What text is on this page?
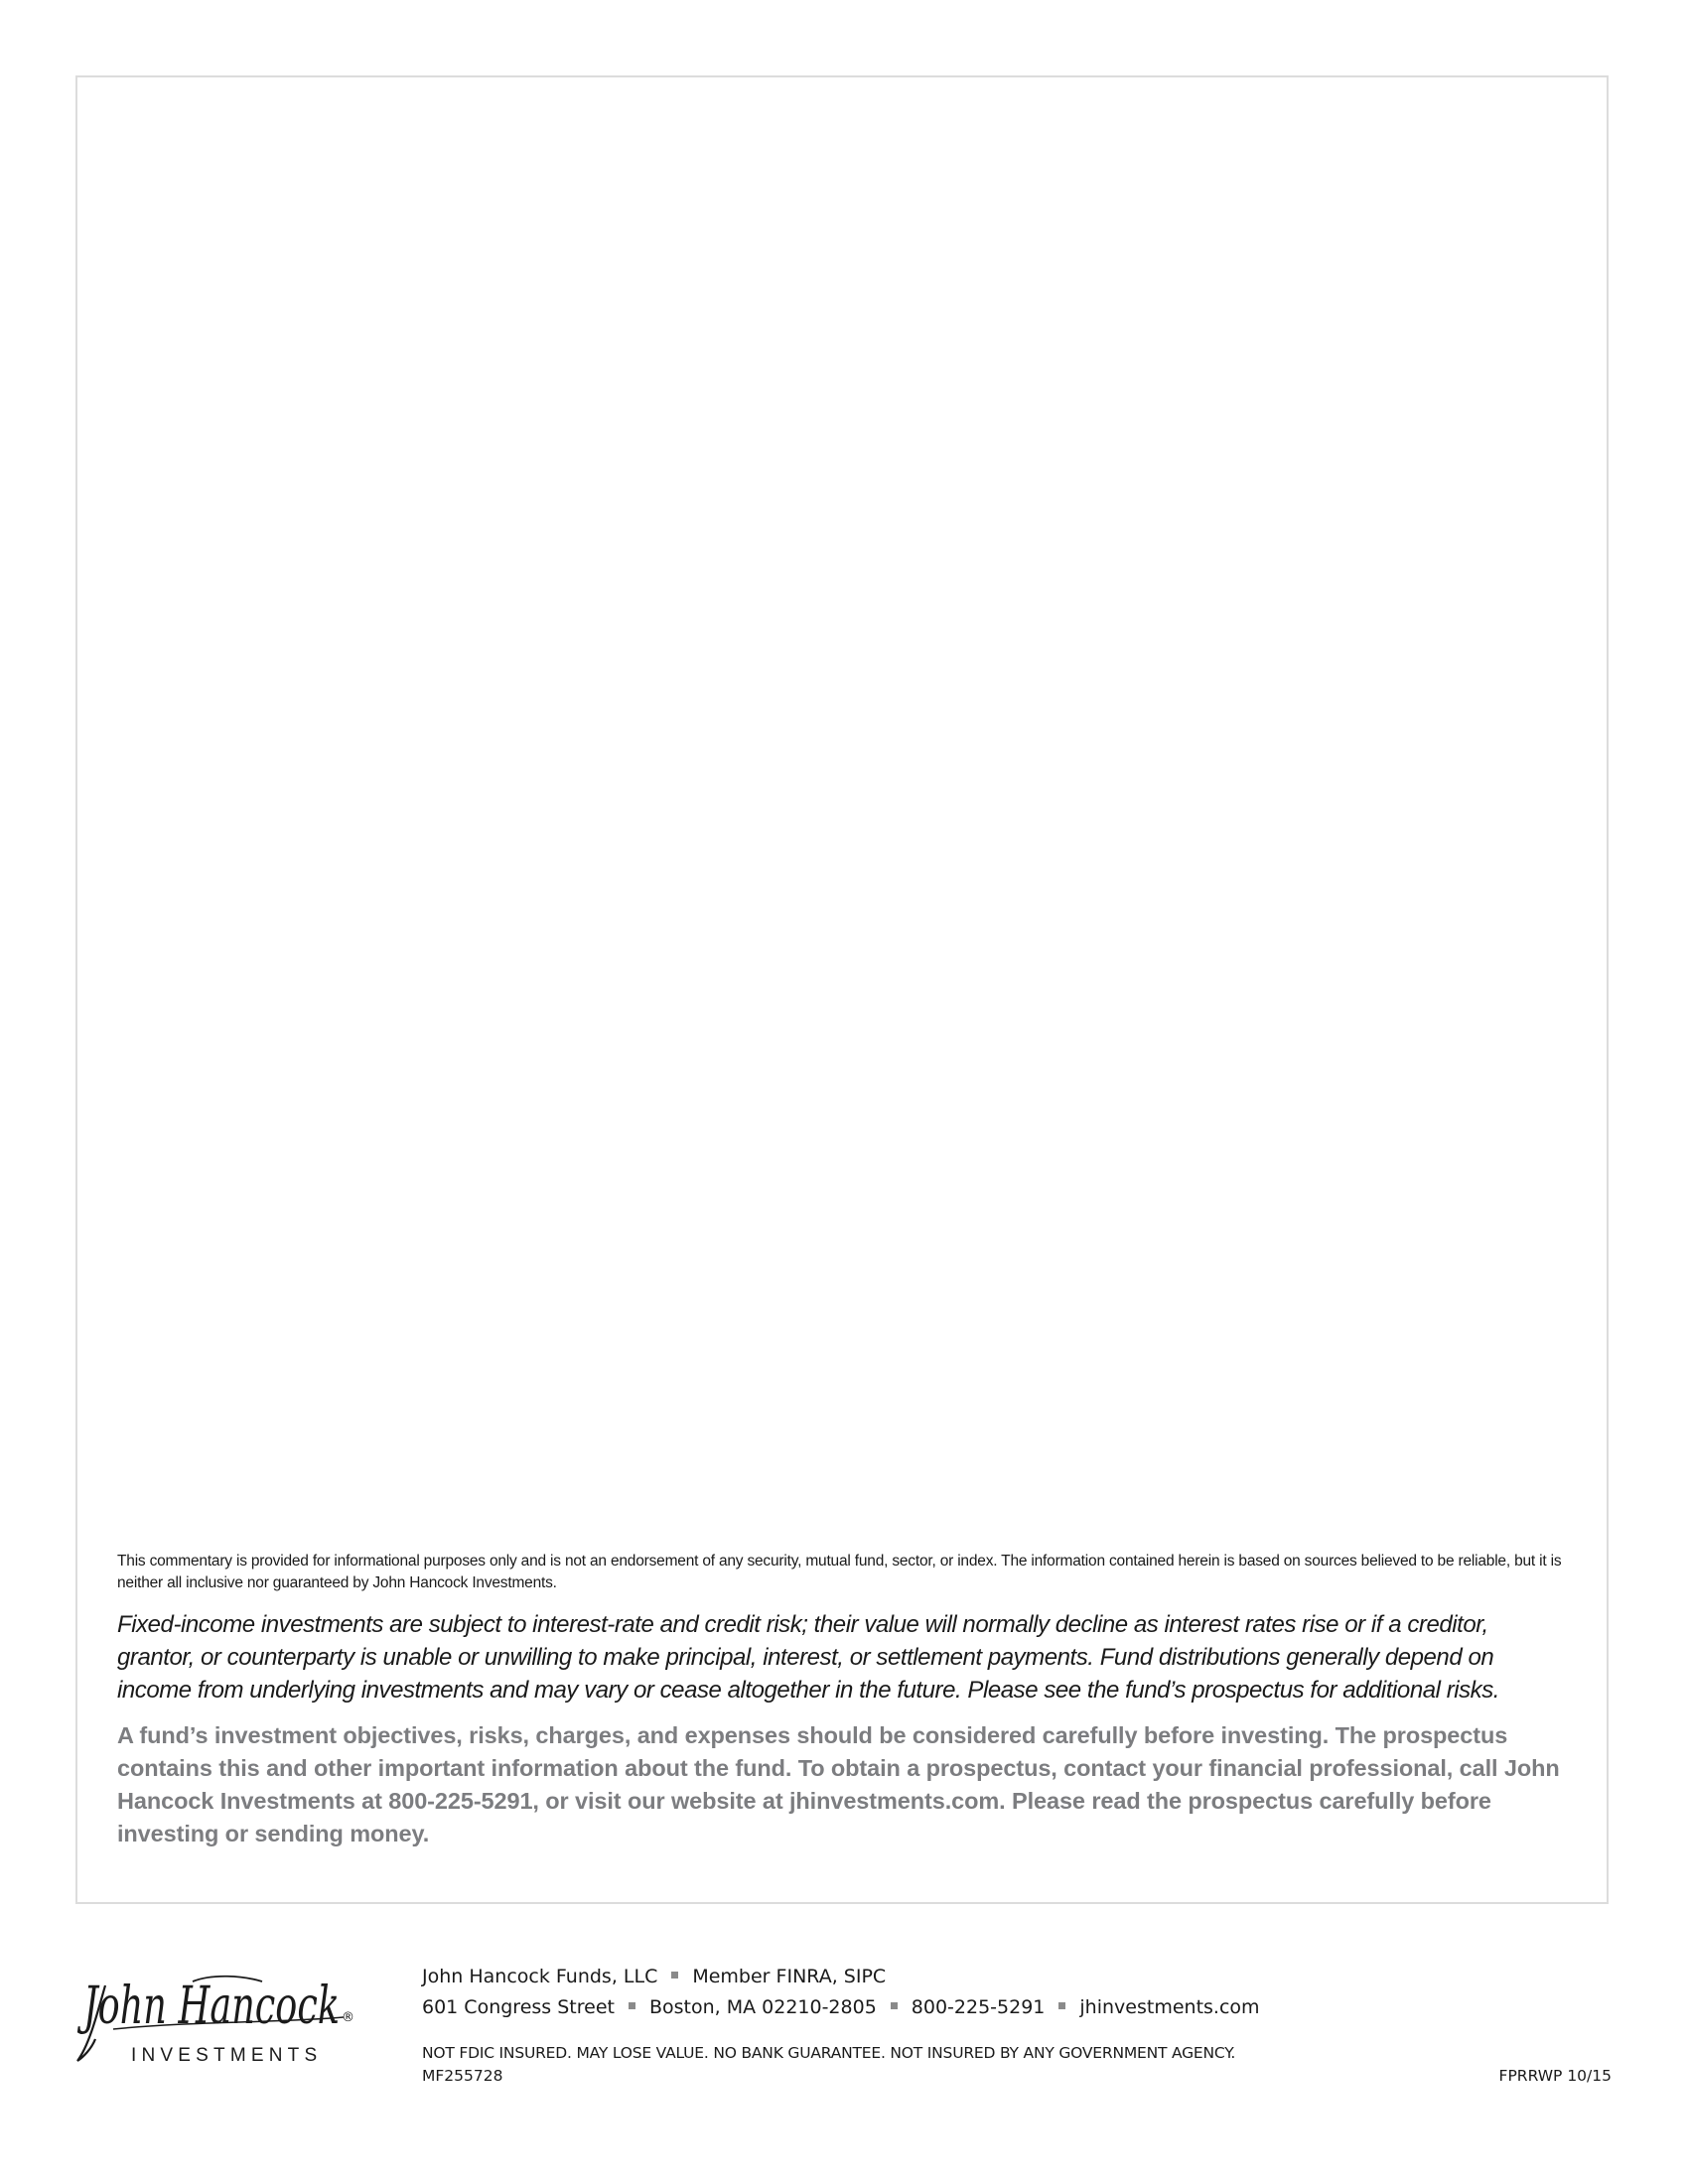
This commentary is provided for informational purposes only and is not an endorsement of any security, mutual fund, sector, or index. The information contained herein is based on sources believed to be reliable, but it is neither all inclusive nor guaranteed by John Hancock Investments.

Fixed-income investments are subject to interest-rate and credit risk; their value will normally decline as interest rates rise or if a creditor, grantor, or counterparty is unable or unwilling to make principal, interest, or settlement payments. Fund distributions generally depend on income from underlying investments and may vary or cease altogether in the future. Please see the fund’s prospectus for additional risks.

A fund’s investment objectives, risks, charges, and expenses should be considered carefully before investing. The prospectus contains this and other important information about the fund. To obtain a prospectus, contact your financial professional, call John Hancock Investments at 800-225-5291, or visit our website at jhinvestments.com. Please read the prospectus carefully before investing or sending money.

John Hancock ®
INVESTMENTS
John Hancock Funds, LLC Member FINRA, SIPC
601 Congress Street Boston, MA 02210-2805 800-225-5291 jhinvestments.com
NOT FDIC INSURED. MAY LOSE VALUE. NO BANK GUARANTEE. NOT INSURED BY ANY GOVERNMENT AGENCY.
MF255728	FPRRWP 10/15
